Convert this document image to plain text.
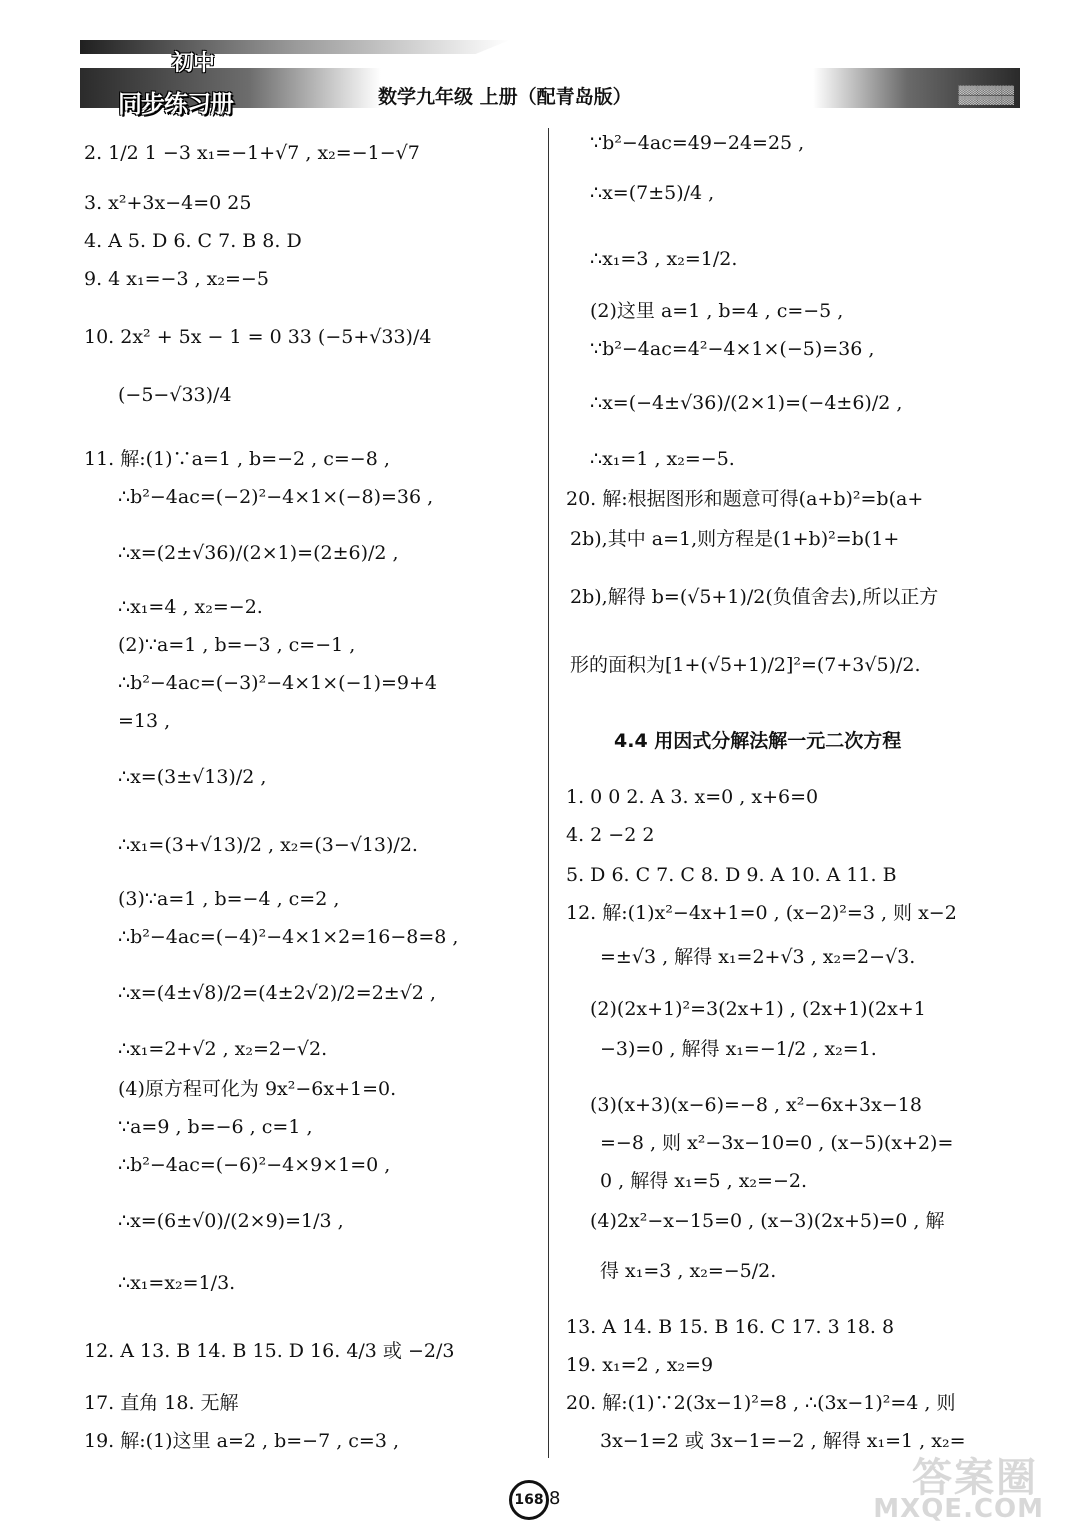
初中
同步练习册	数学九年级 上册（配青岛版）	▒▒▒▒▒▒▒▒▒
▒▒▒▒▒▒▒▒▒
2. 1/2 1 −3 x₁=−1+√7 , x₂=−1−√7
3. x²+3x−4=0 25
4. A 5. D 6. C 7. B 8. D
9. 4 x₁=−3 , x₂=−5
10. 2x² + 5x − 1 = 0 33 (−5+√33)/4
(−5−√33)/4
11. 解:(1)∵a=1 , b=−2 , c=−8 ,
∴b²−4ac=(−2)²−4×1×(−8)=36 ,
∴x=(2±√36)/(2×1)=(2±6)/2 ,
∴x₁=4 , x₂=−2.
(2)∵a=1 , b=−3 , c=−1 ,
∴b²−4ac=(−3)²−4×1×(−1)=9+4
=13 ,
∴x=(3±√13)/2 ,
∴x₁=(3+√13)/2 , x₂=(3−√13)/2.
(3)∵a=1 , b=−4 , c=2 ,
∴b²−4ac=(−4)²−4×1×2=16−8=8 ,
∴x=(4±√8)/2=(4±2√2)/2=2±√2 ,
∴x₁=2+√2 , x₂=2−√2.
(4)原方程可化为 9x²−6x+1=0.
∵a=9 , b=−6 , c=1 ,
∴b²−4ac=(−6)²−4×9×1=0 ,
∴x=(6±√0)/(2×9)=1/3 ,
∴x₁=x₂=1/3.
12. A 13. B 14. B 15. D 16. 4/3 或 −2/3
17. 直角 18. 无解
19. 解:(1)这里 a=2 , b=−7 , c=3 ,
∵b²−4ac=49−24=25 ,
∴x=(7±5)/4 ,
∴x₁=3 , x₂=1/2.
(2)这里 a=1 , b=4 , c=−5 ,
∵b²−4ac=4²−4×1×(−5)=36 ,
∴x=(−4±√36)/(2×1)=(−4±6)/2 ,
∴x₁=1 , x₂=−5.
20. 解:根据图形和题意可得(a+b)²=b(a+
2b),其中 a=1,则方程是(1+b)²=b(1+
2b),解得 b=(√5+1)/2(负值舍去),所以正方
形的面积为[1+(√5+1)/2]²=(7+3√5)/2.
4.4 用因式分解法解一元二次方程
1. 0 0 2. A 3. x=0 , x+6=0
4. 2 −2 2
5. D 6. C 7. C 8. D 9. A 10. A 11. B
12. 解:(1)x²−4x+1=0 , (x−2)²=3 , 则 x−2
=±√3 , 解得 x₁=2+√3 , x₂=2−√3.
(2)(2x+1)²=3(2x+1) , (2x+1)(2x+1
−3)=0 , 解得 x₁=−1/2 , x₂=1.
(3)(x+3)(x−6)=−8 , x²−6x+3x−18
=−8 , 则 x²−3x−10=0 , (x−5)(x+2)=
0 , 解得 x₁=5 , x₂=−2.
(4)2x²−x−15=0 , (x−3)(2x+5)=0 , 解
得 x₁=3 , x₂=−5/2.
13. A 14. B 15. B 16. C 17. 3 18. 8
19. x₁=2 , x₂=9
20. 解:(1)∵2(3x−1)²=8 , ∴(3x−1)²=4 , 则
3x−1=2 或 3x−1=−2 , 解得 x₁=1 , x₂=
168 8	答案圈
MXQE.COM
